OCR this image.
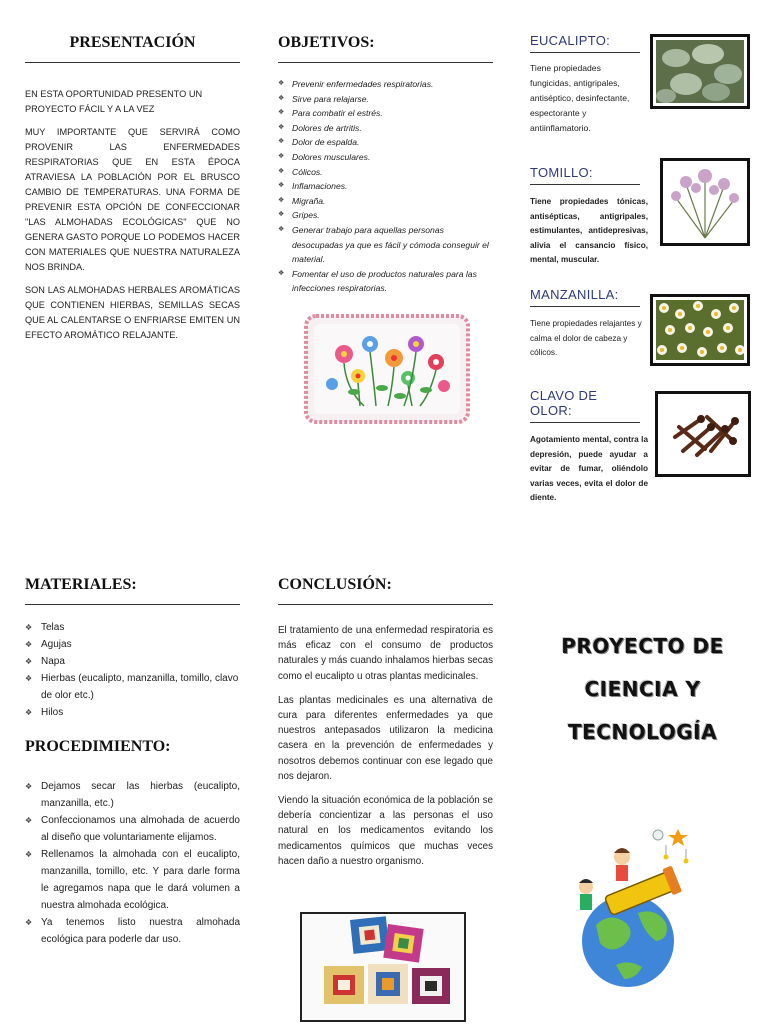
PRESENTACIÓN

EN ESTA OPORTUNIDAD PRESENTO UN PROYECTO FÁCIL Y A LA VEZ

MUY IMPORTANTE QUE SERVIRÁ COMO PROVENIR LAS ENFERMEDADES RESPIRATORIAS QUE EN ESTA ÉPOCA ATRAVIESA LA POBLACIÓN POR EL BRUSCO CAMBIO DE TEMPERATURAS. UNA FORMA DE PREVENIR ESTA OPCIÓN DE CONFECCIONAR "LAS ALMOHADAS ECOLÓGICAS" QUE NO GENERA GASTO PORQUE LO PODEMOS HACER CON MATERIALES QUE NUESTRA NATURALEZA NOS BRINDA.

SON LAS ALMOHADAS HERBALES AROMÁTICAS QUE CONTIENEN HIERBAS, SEMILLAS SECAS QUE AL CALENTARSE O ENFRIARSE EMITEN UN EFECTO AROMÁTICO RELAJANTE.

OBJETIVOS:
❖ Prevenir enfermedades respiratorias.
❖ Sirve para relajarse.
❖ Para combatir el estrés.
❖ Dolores de artritis.
❖ Dolor de espalda.
❖ Dolores musculares.
❖ Cólicos.
❖ Inflamaciones.
❖ Migraña.
❖ Gripes.
❖ Generar trabajo para aquellas personas desocupadas ya que es fácil y cómoda conseguir el material.
❖ Fomentar el uso de productos naturales para las infecciones respiratorias.
EUCALIPTO:
Tiene propiedades fungicidas, antigripales, antiséptico, desinfectante, espectorante y antiinflamatorio.
TOMILLO:
Tiene propiedades tónicas, antisépticas, antigripales, estimulantes, antidepresivas, alivia el cansancio físico, mental, muscular.
MANZANILLA:
Tiene propiedades relajantes y calma el dolor de cabeza y cólicos.
CLAVO DE OLOR:
Agotamiento mental, contra la depresión, puede ayudar a evitar de fumar, oliéndolo varias veces, evita el dolor de diente.
MATERIALES:
❖ Telas
❖ Agujas
❖ Napa
❖ Hierbas (eucalipto, manzanilla, tomillo, clavo de olor etc.)
❖ Hilos
PROCEDIMIENTO:
❖ Dejamos secar las hierbas (eucalipto, manzanilla, etc.)
❖ Confeccionamos una almohada de acuerdo al diseño que voluntariamente elijamos.
❖ Rellenamos la almohada con el eucalipto, manzanilla, tomillo, etc. Y para darle forma le agregamos napa que le dará volumen a nuestra almohada ecológica.
❖ Ya tenemos listo nuestra almohada ecológica para poderle dar uso.
CONCLUSIÓN:

El tratamiento de una enfermedad respiratoria es más eficaz con el consumo de productos naturales y más cuando inhalamos hierbas secas como el eucalipto u otras plantas medicinales.

Las plantas medicinales es una alternativa de cura para diferentes enfermedades ya que nuestros antepasados utilizaron la medicina casera en la prevención de enfermedades y nosotros debemos continuar con ese legado que nos dejaron.

Viendo la situación económica de la población se debería concientizar a las personas el uso natural en los medicamentos evitando los medicamentos químicos que muchas veces hacen daño a nuestro organismo.

PROYECTO DE
CIENCIA Y
TECNOLOGÍA
